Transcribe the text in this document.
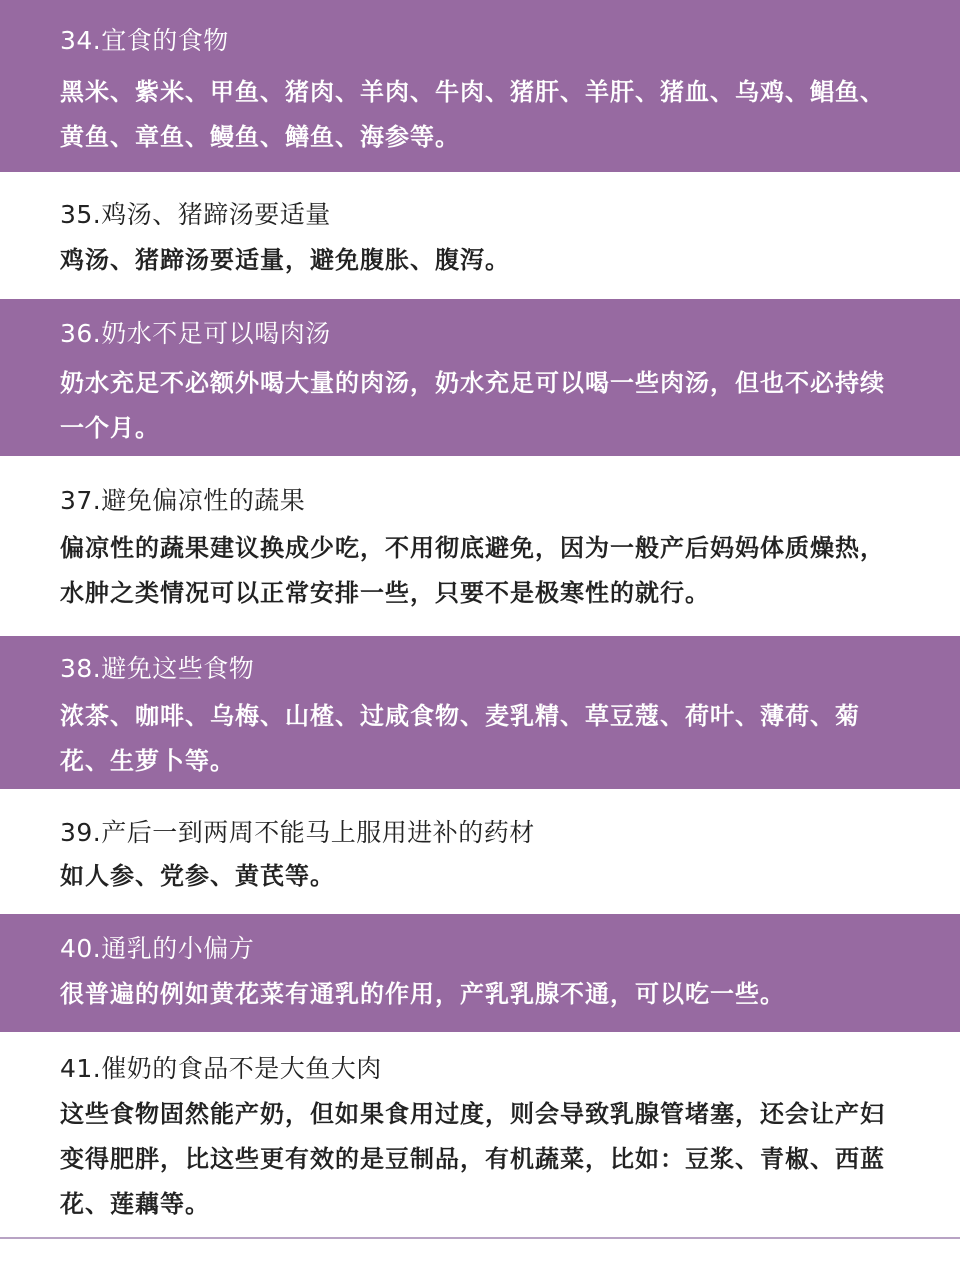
34.宜食的食物

黑米、紫米、甲鱼、猪肉、羊肉、牛肉、猪肝、羊肝、猪血、乌鸡、鲳鱼、黄鱼、章鱼、鳗鱼、鳝鱼、海参等。

35.鸡汤、猪蹄汤要适量

鸡汤、猪蹄汤要适量，避免腹胀、腹泻。

36.奶水不足可以喝肉汤

奶水充足不必额外喝大量的肉汤，奶水充足可以喝一些肉汤，但也不必持续一个月。

37.避免偏凉性的蔬果

偏凉性的蔬果建议换成少吃，不用彻底避免，因为一般产后妈妈体质燥热，水肿之类情况可以正常安排一些，只要不是极寒性的就行。

38.避免这些食物

浓茶、咖啡、乌梅、山楂、过咸食物、麦乳精、草豆蔻、荷叶、薄荷、菊花、生萝卜等。

39.产后一到两周不能马上服用进补的药材

如人参、党参、黄芪等。

40.通乳的小偏方

很普遍的例如黄花菜有通乳的作用，产乳乳腺不通，可以吃一些。

41.催奶的食品不是大鱼大肉

这些食物固然能产奶，但如果食用过度，则会导致乳腺管堵塞，还会让产妇变得肥胖，比这些更有效的是豆制品，有机蔬菜，比如：豆浆、青椒、西蓝花、莲藕等。
